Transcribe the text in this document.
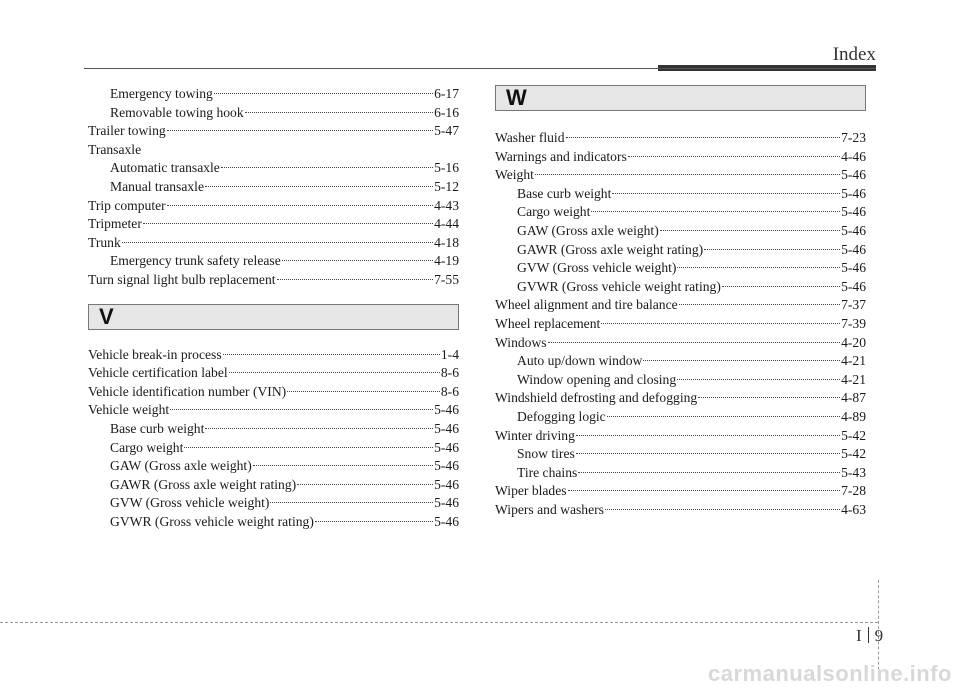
Index
Emergency towing	6-17
Removable towing hook	6-16
Trailer towing	5-47
Transaxle
Automatic transaxle	5-16
Manual transaxle	5-12
Trip computer	4-43
Tripmeter	4-44
Trunk	4-18
Emergency trunk safety release	4-19
Turn signal light bulb replacement	7-55
V
Vehicle break-in process	1-4
Vehicle certification label	8-6
Vehicle identification number (VIN)	8-6
Vehicle weight	5-46
Base curb weight	5-46
Cargo weight	5-46
GAW (Gross axle weight)	5-46
GAWR (Gross axle weight rating)	5-46
GVW (Gross vehicle weight)	5-46
GVWR (Gross vehicle weight rating)	5-46
W
Washer fluid	7-23
Warnings and indicators	4-46
Weight	5-46
Base curb weight	5-46
Cargo weight	5-46
GAW (Gross axle weight)	5-46
GAWR (Gross axle weight rating)	5-46
GVW (Gross vehicle weight)	5-46
GVWR (Gross vehicle weight rating)	5-46
Wheel alignment and tire balance	7-37
Wheel replacement	7-39
Windows	4-20
Auto up/down window	4-21
Window opening and closing	4-21
Windshield defrosting and defogging	4-87
Defogging logic	4-89
Winter driving	5-42
Snow tires	5-42
Tire chains	5-43
Wiper blades	7-28
Wipers and washers	4-63
I 9
carmanualsonline.info
